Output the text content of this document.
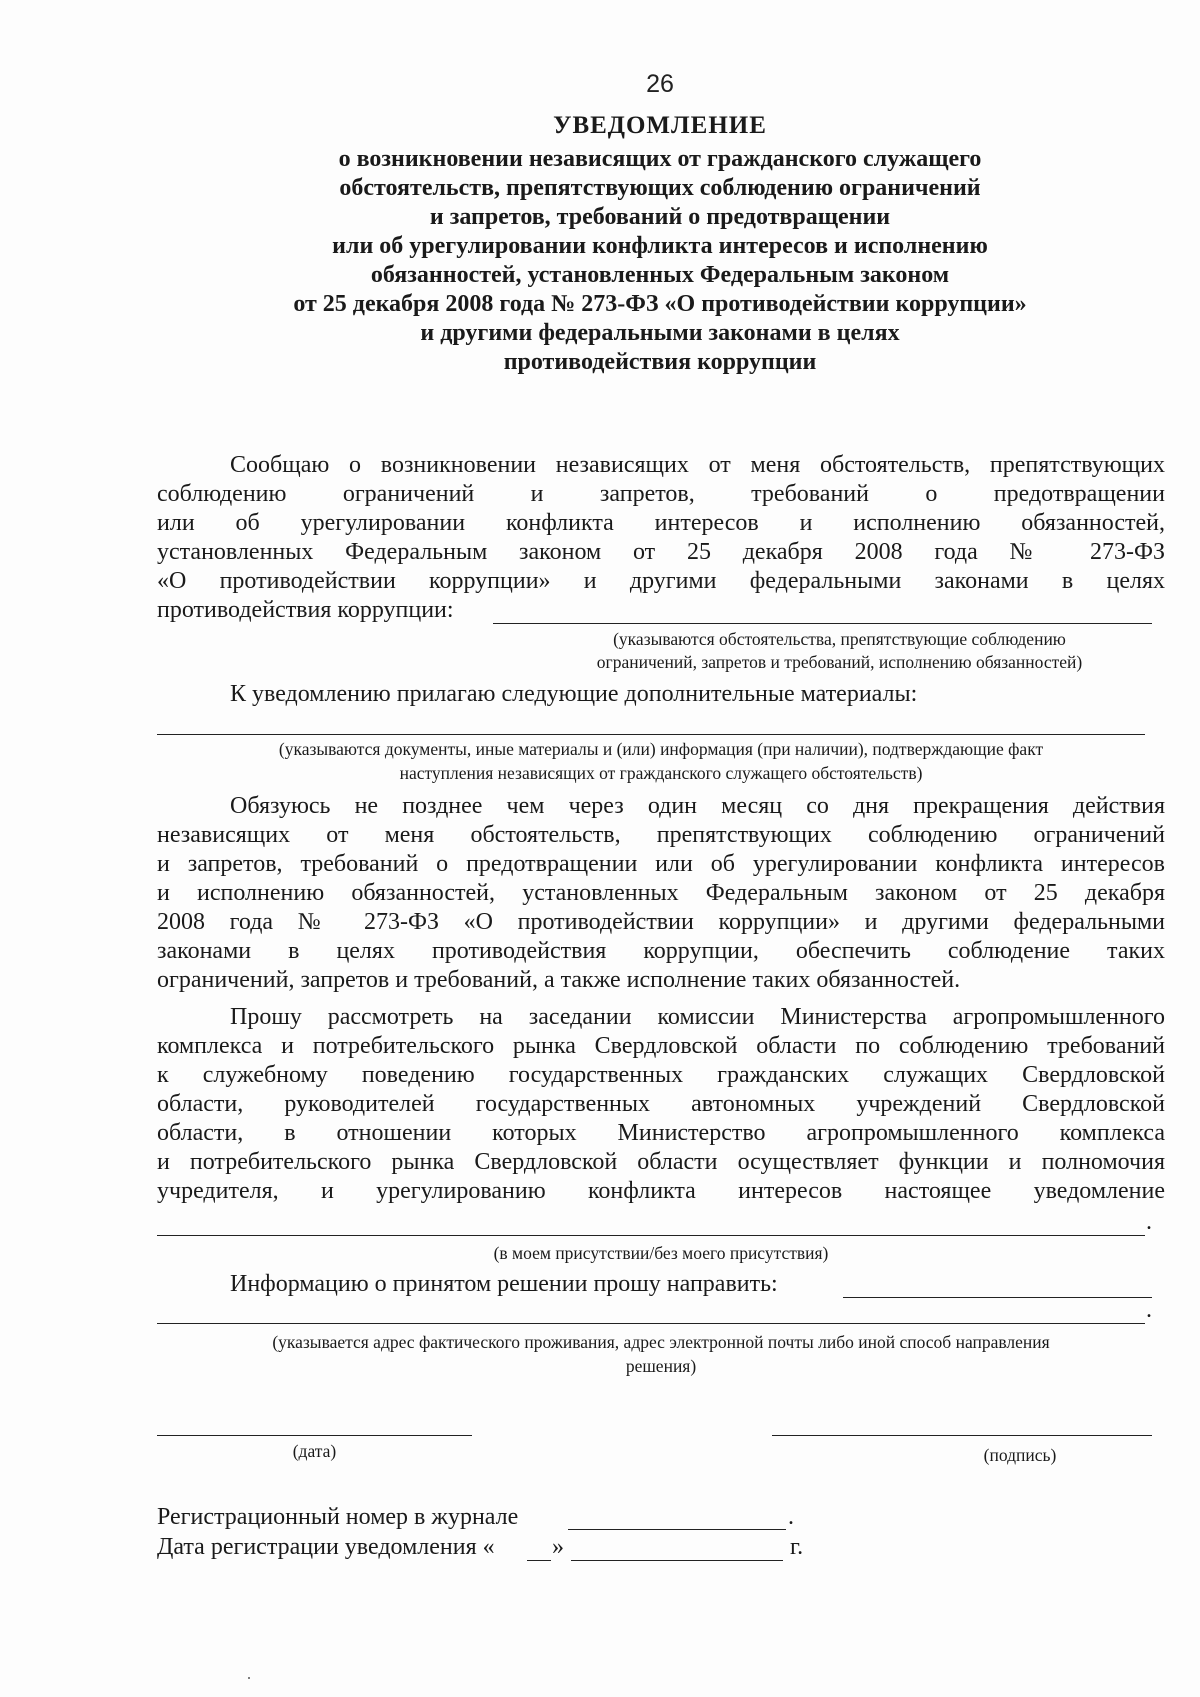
26
УВЕДОМЛЕНИЕ
о возникновении независящих от гражданского служащего
обстоятельств, препятствующих соблюдению ограничений
и запретов, требований о предотвращении
или об урегулировании конфликта интересов и исполнению
обязанностей, установленных Федеральным законом
от 25 декабря 2008 года № 273-ФЗ «О противодействии коррупции»
и другими федеральными законами в целях
противодействия коррупции
Сообщаю о возникновении независящих от меня обстоятельств, препятствующих
соблюдению ограничений и запретов, требований о предотвращении
или об урегулировании конфликта интересов и исполнению обязанностей,
установленных Федеральным законом от 25 декабря 2008 года № 273-ФЗ
«О противодействии коррупции» и другими федеральными законами в целях
противодействия коррупции:
(указываются обстоятельства, препятствующие соблюдению
ограничений, запретов и требований, исполнению обязанностей)
К уведомлению прилагаю следующие дополнительные материалы:
(указываются документы, иные материалы и (или) информация (при наличии), подтверждающие факт
наступления независящих от гражданского служащего обстоятельств)
Обязуюсь не позднее чем через один месяц со дня прекращения действия
независящих от меня обстоятельств, препятствующих соблюдению ограничений
и запретов, требований о предотвращении или об урегулировании конфликта интересов
и исполнению обязанностей, установленных Федеральным законом от 25 декабря
2008 года № 273-ФЗ «О противодействии коррупции» и другими федеральными
законами в целях противодействия коррупции, обеспечить соблюдение таких
ограничений, запретов и требований, а также исполнение таких обязанностей.
Прошу рассмотреть на заседании комиссии Министерства агропромышленного
комплекса и потребительского рынка Свердловской области по соблюдению требований
к служебному поведению государственных гражданских служащих Свердловской
области, руководителей государственных автономных учреждений Свердловской
области, в отношении которых Министерство агропромышленного комплекса
и потребительского рынка Свердловской области осуществляет функции и полномочия
учредителя, и урегулированию конфликта интересов настоящее уведомление
.
(в моем присутствии/без моего присутствия)
Информацию о принятом решении прошу направить:
.
(указывается адрес фактического проживания, адрес электронной почты либо иной способ направления
решения)
(дата)	(подпись)
Регистрационный номер в журнале	.
Дата регистрации уведомления «	»	г.
